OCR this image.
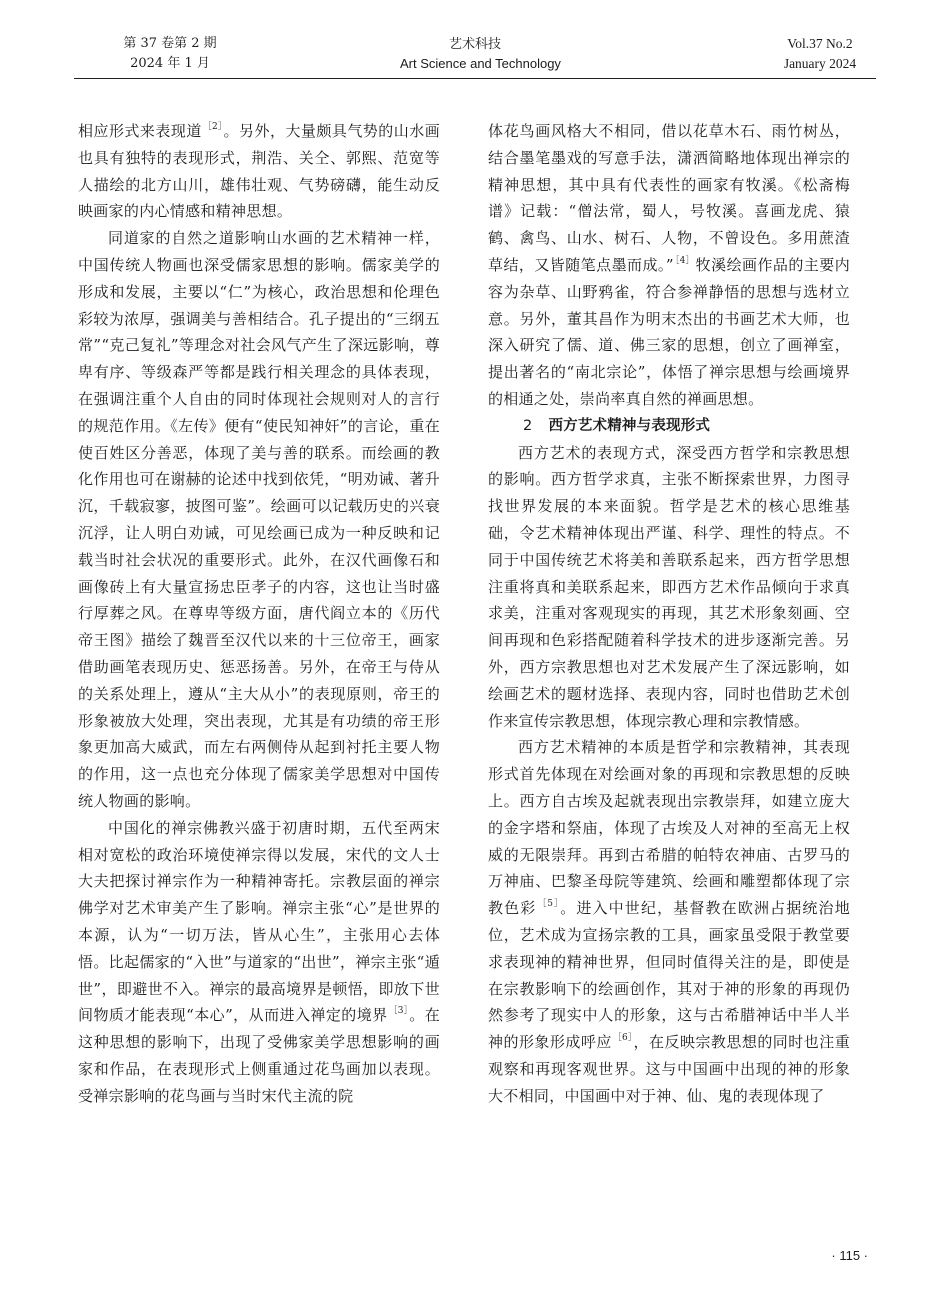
第 37 卷第 2 期
2024 年 1 月
艺术科技
Art Science and Technology
Vol.37 No.2
January 2024

相应形式来表现道$^{[2]}$。另外，大量颇具气势的山水画也具有独特的表现形式，荆浩、关仝、郭熙、范宽等人描绘的北方山川，雄伟壮观、气势磅礴，能生动反映画家的内心情感和精神思想。

同道家的自然之道影响山水画的艺术精神一样，中国传统人物画也深受儒家思想的影响。儒家美学的形成和发展，主要以“仁”为核心，政治思想和伦理色彩较为浓厚，强调美与善相结合。孔子提出的“三纲五常”“克己复礼”等理念对社会风气产生了深远影响，尊卑有序、等级森严等都是践行相关理念的具体表现，在强调注重个人自由的同时体现社会规则对人的言行的规范作用。《左传》便有“使民知神奸”的言论，重在使百姓区分善恶，体现了美与善的联系。而绘画的教化作用也可在谢赫的论述中找到依凭，“明劝诫、著升沉，千载寂寥，披图可鉴”。绘画可以记载历史的兴衰沉浮，让人明白劝诫，可见绘画已成为一种反映和记载当时社会状况的重要形式。此外，在汉代画像石和画像砖上有大量宣扬忠臣孝子的内容，这也让当时盛行厚葬之风。在尊卑等级方面，唐代阎立本的《历代帝王图》描绘了魏晋至汉代以来的十三位帝王，画家借助画笔表现历史、惩恶扬善。另外，在帝王与侍从的关系处理上，遵从“主大从小”的表现原则，帝王的形象被放大处理，突出表现，尤其是有功绩的帝王形象更加高大威武，而左右两侧侍从起到衬托主要人物的作用，这一点也充分体现了儒家美学思想对中国传统人物画的影响。

中国化的禅宗佛教兴盛于初唐时期，五代至两宋相对宽松的政治环境使禅宗得以发展，宋代的文人士大夫把探讨禅宗作为一种精神寄托。宗教层面的禅宗佛学对艺术审美产生了影响。禅宗主张“心”是世界的本源，认为“一切万法，皆从心生”，主张用心去体悟。比起儒家的“入世”与道家的“出世”，禅宗主张“遁世”，即避世不入。禅宗的最高境界是顿悟，即放下世间物质才能表现“本心”，从而进入禅定的境界$^{[3]}$。在这种思想的影响下，出现了受佛家美学思想影响的画家和作品，在表现形式上侧重通过花鸟画加以表现。受禅宗影响的花鸟画与当时宋代主流的院

体花鸟画风格大不相同，借以花草木石、雨竹树丛，结合墨笔墨戏的写意手法，潇洒简略地体现出禅宗的精神思想，其中具有代表性的画家有牧溪。《松斋梅谱》记载：“僧法常，蜀人，号牧溪。喜画龙虎、猿鹤、禽鸟、山水、树石、人物，不曾设色。多用蔗渣草结，又皆随笔点墨而成。”$^{[4]}$牧溪绘画作品的主要内容为杂草、山野鸦雀，符合参禅静悟的思想与选材立意。另外，董其昌作为明末杰出的书画艺术大师，也深入研究了儒、道、佛三家的思想，创立了画禅室，提出著名的“南北宗论”，体悟了禅宗思想与绘画境界的相通之处，崇尚率真自然的禅画思想。

2 西方艺术精神与表现形式

西方艺术的表现方式，深受西方哲学和宗教思想的影响。西方哲学求真，主张不断探索世界，力图寻找世界发展的本来面貌。哲学是艺术的核心思维基础，令艺术精神体现出严谨、科学、理性的特点。不同于中国传统艺术将美和善联系起来，西方哲学思想注重将真和美联系起来，即西方艺术作品倾向于求真求美，注重对客观现实的再现，其艺术形象刻画、空间再现和色彩搭配随着科学技术的进步逐渐完善。另外，西方宗教思想也对艺术发展产生了深远影响，如绘画艺术的题材选择、表现内容，同时也借助艺术创作来宣传宗教思想，体现宗教心理和宗教情感。

西方艺术精神的本质是哲学和宗教精神，其表现形式首先体现在对绘画对象的再现和宗教思想的反映上。西方自古埃及起就表现出宗教崇拜，如建立庞大的金字塔和祭庙，体现了古埃及人对神的至高无上权威的无限崇拜。再到古希腊的帕特农神庙、古罗马的万神庙、巴黎圣母院等建筑、绘画和雕塑都体现了宗教色彩$^{[5]}$。进入中世纪，基督教在欧洲占据统治地位，艺术成为宣扬宗教的工具，画家虽受限于教堂要求表现神的精神世界，但同时值得关注的是，即使是在宗教影响下的绘画创作，其对于神的形象的再现仍然参考了现实中人的形象，这与古希腊神话中半人半神的形象形成呼应$^{[6]}$，在反映宗教思想的同时也注重观察和再现客观世界。这与中国画中出现的神的形象大不相同，中国画中对于神、仙、鬼的表现体现了

· 115 ·
